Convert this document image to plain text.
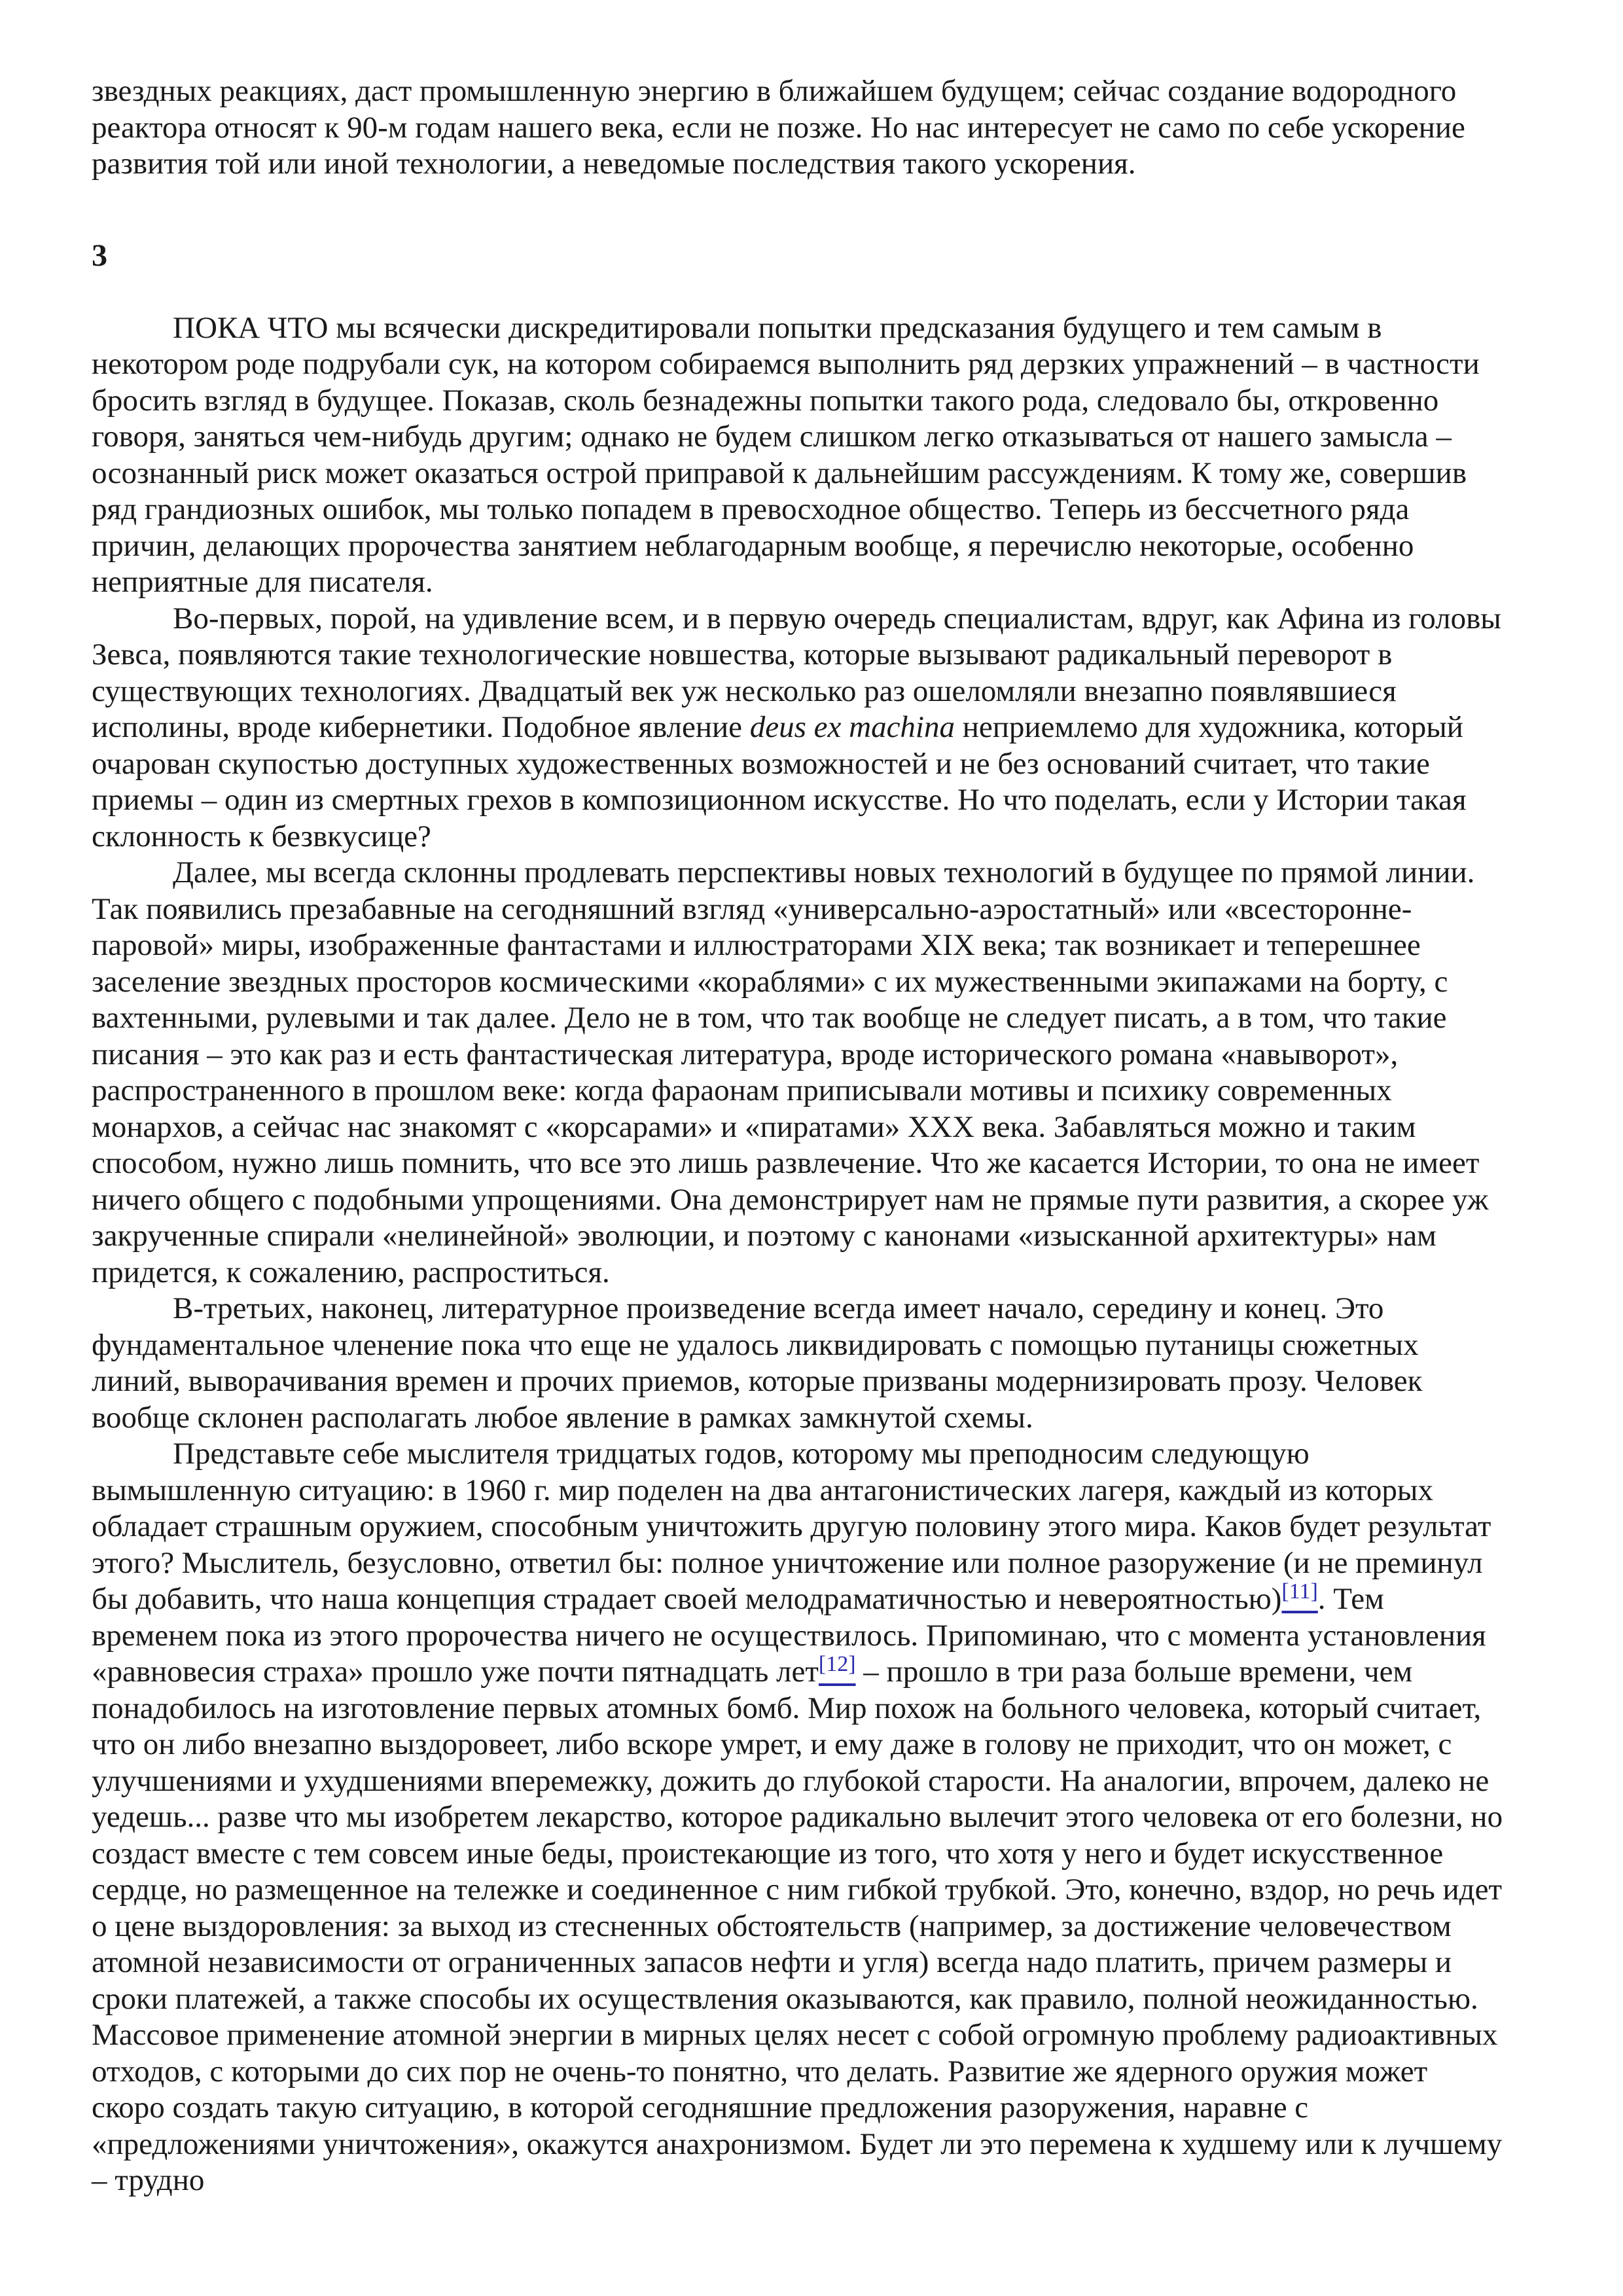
звездных реакциях, даст промышленную энергию в ближайшем будущем; сейчас создание водородного реактора относят к 90-м годам нашего века, если не позже. Но нас интересует не само по себе ускорение развития той или иной технологии, а неведомые последствия такого ускорения.

3

ПОКА ЧТО мы всячески дискредитировали попытки предсказания будущего и тем самым в некотором роде подрубали сук, на котором собираемся выполнить ряд дерзких упражнений – в частности бросить взгляд в будущее. Показав, сколь безнадежны попытки такого рода, следовало бы, откровенно говоря, заняться чем-нибудь другим; однако не будем слишком легко отказываться от нашего замысла – осознанный риск может оказаться острой приправой к дальнейшим рассуждениям. К тому же, совершив ряд грандиозных ошибок, мы только попадем в превосходное общество. Теперь из бессчетного ряда причин, делающих пророчества занятием неблагодарным вообще, я перечислю некоторые, особенно неприятные для писателя.

Во-первых, порой, на удивление всем, и в первую очередь специалистам, вдруг, как Афина из головы Зевса, появляются такие технологические новшества, которые вызывают радикальный переворот в существующих технологиях. Двадцатый век уж несколько раз ошеломляли внезапно появлявшиеся исполины, вроде кибернетики. Подобное явление deus ex machina неприемлемо для художника, который очарован скупостью доступных художественных возможностей и не без оснований считает, что такие приемы – один из смертных грехов в композиционном искусстве. Но что поделать, если у Истории такая склонность к безвкусице?

Далее, мы всегда склонны продлевать перспективы новых технологий в будущее по прямой линии. Так появились презабавные на сегодняшний взгляд «универсально-аэростатный» или «всесторонне-паровой» миры, изображенные фантастами и иллюстраторами XIX века; так возникает и теперешнее заселение звездных просторов космическими «кораблями» с их мужественными экипажами на борту, с вахтенными, рулевыми и так далее. Дело не в том, что так вообще не следует писать, а в том, что такие писания – это как раз и есть фантастическая литература, вроде исторического романа «навыворот», распространенного в прошлом веке: когда фараонам приписывали мотивы и психику современных монархов, а сейчас нас знакомят с «корсарами» и «пиратами» XXX века. Забавляться можно и таким способом, нужно лишь помнить, что все это лишь развлечение. Что же касается Истории, то она не имеет ничего общего с подобными упрощениями. Она демонстрирует нам не прямые пути развития, а скорее уж закрученные спирали «нелинейной» эволюции, и поэтому с канонами «изысканной архитектуры» нам придется, к сожалению, распроститься.

В-третьих, наконец, литературное произведение всегда имеет начало, середину и конец. Это фундаментальное членение пока что еще не удалось ликвидировать с помощью путаницы сюжетных линий, выворачивания времен и прочих приемов, которые призваны модернизировать прозу. Человек вообще склонен располагать любое явление в рамках замкнутой схемы.

Представьте себе мыслителя тридцатых годов, которому мы преподносим следующую вымышленную ситуацию: в 1960 г. мир поделен на два антагонистических лагеря, каждый из которых обладает страшным оружием, способным уничтожить другую половину этого мира. Каков будет результат этого? Мыслитель, безусловно, ответил бы: полное уничтожение или полное разоружение (и не преминул бы добавить, что наша концепция страдает своей мелодраматичностью и невероятностью)[11]. Тем временем пока из этого пророчества ничего не осуществилось. Припоминаю, что с момента установления «равновесия страха» прошло уже почти пятнадцать лет[12] – прошло в три раза больше времени, чем понадобилось на изготовление первых атомных бомб. Мир похож на больного человека, который считает, что он либо внезапно выздоровеет, либо вскоре умрет, и ему даже в голову не приходит, что он может, с улучшениями и ухудшениями вперемежку, дожить до глубокой старости. На аналогии, впрочем, далеко не уедешь... разве что мы изобретем лекарство, которое радикально вылечит этого человека от его болезни, но создаст вместе с тем совсем иные беды, проистекающие из того, что хотя у него и будет искусственное сердце, но размещенное на тележке и соединенное с ним гибкой трубкой. Это, конечно, вздор, но речь идет о цене выздоровления: за выход из стесненных обстоятельств (например, за достижение человечеством атомной независимости от ограниченных запасов нефти и угля) всегда надо платить, причем размеры и сроки платежей, а также способы их осуществления оказываются, как правило, полной неожиданностью. Массовое применение атомной энергии в мирных целях несет с собой огромную проблему радиоактивных отходов, с которыми до сих пор не очень-то понятно, что делать. Развитие же ядерного оружия может скоро создать такую ситуацию, в которой сегодняшние предложения разоружения, наравне с «предложениями уничтожения», окажутся анахронизмом. Будет ли это перемена к худшему или к лучшему – трудно
